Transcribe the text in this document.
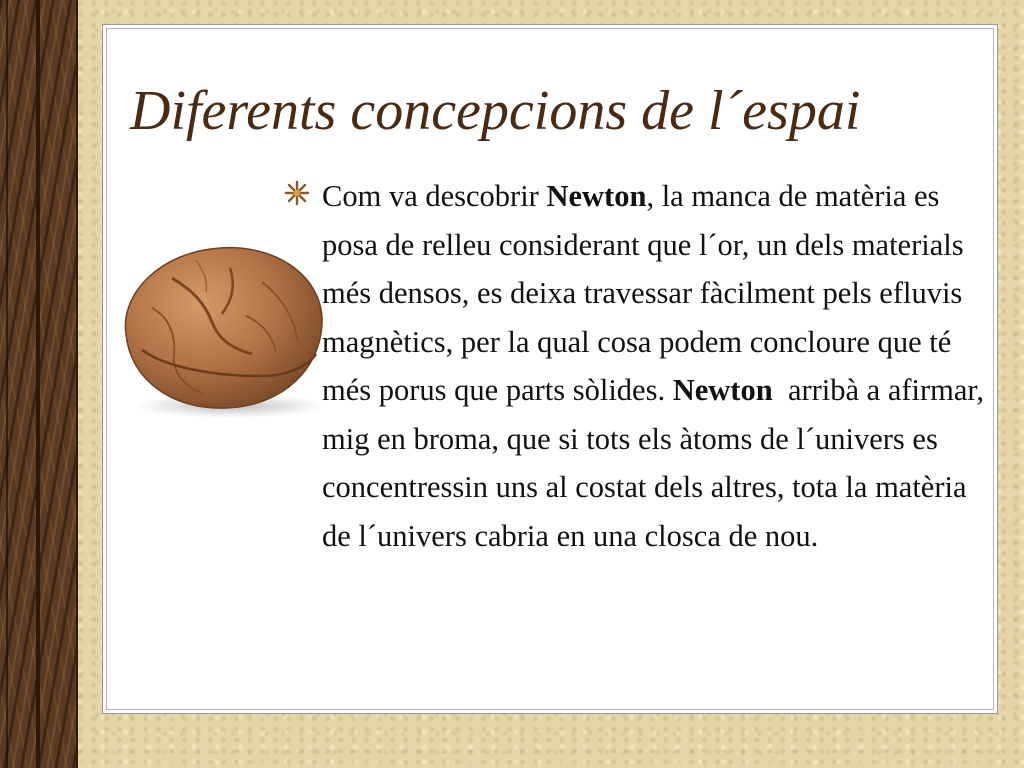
Diferents concepcions de l´espai
Com va descobrir Newton, la manca de matèria es posa de relleu considerant que l´or, un dels materials més densos, es deixa travessar fàcilment pels efluvis magnètics, per la qual cosa podem concloure que té més porus que parts sòlides. Newton  arribà a afirmar, mig en broma, que si tots els àtoms de l´univers es concentressin uns al costat dels altres, tota la matèria de l´univers cabria en una closca de nou.
